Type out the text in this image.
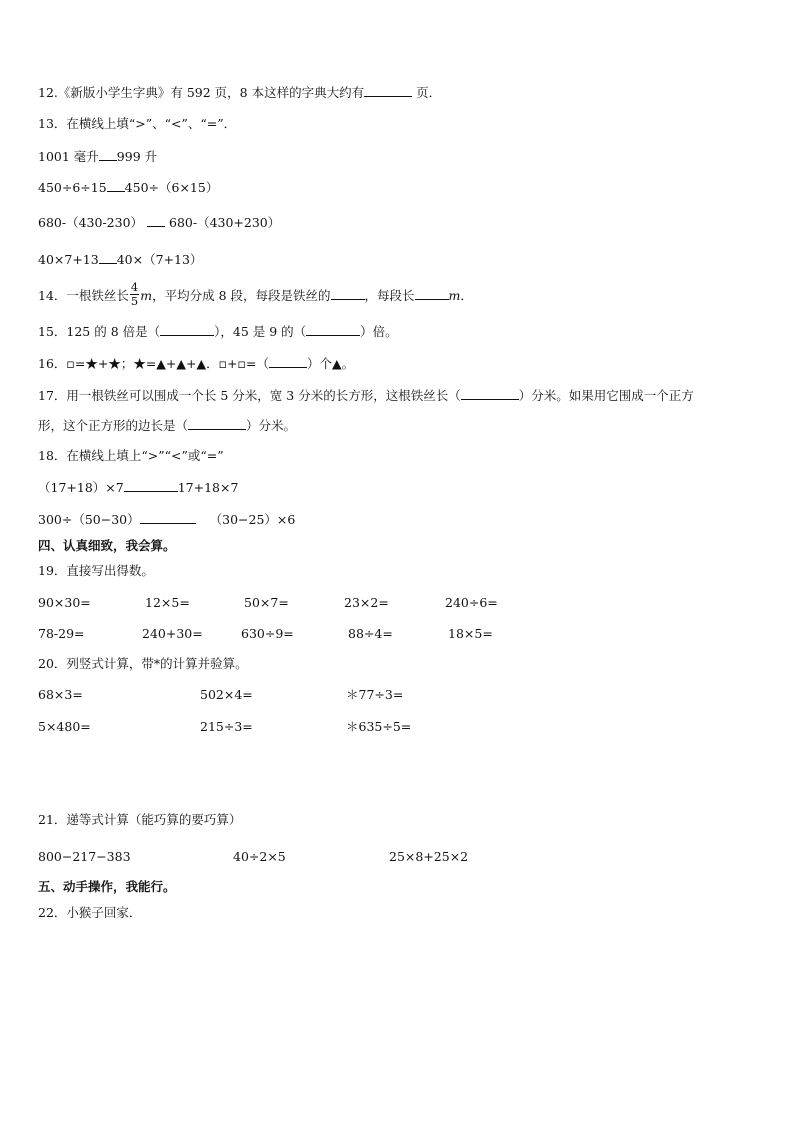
12.《新版小学生字典》有 592 页，8 本这样的字典大约有	页．
13．在横线上填“>”、“<”、“=”．
1001 毫升 999 升
450÷6÷15 450÷（6×15）
680-（430-230）  680-（430+230）
40×7+13 40×（7+13）
14．一根铁丝长 $\frac{4}{5}$ m，平均分成 8 段，每段是铁丝的	，每段长	m．
15．125 的 8 倍是（	），45 是 9 的（	）倍。
16．▫=★+★；★=▲+▲+▲．▫+▫=（	）个▲。
17．用一根铁丝可以围成一个长 5 分米，宽 3 分米的长方形，这根铁丝长（	）分米。如果用它围成一个正方
形，这个正方形的边长是（	）分米。
18．在横线上填上“>”“<”或“=”
（17+18）×7	17+18×7
300÷（50−30）	（30−25）×6
四、认真细致，我会算。
19．直接写出得数。
90×30=	12×5=	50×7=	23×2=	240÷6=
78-29=	240+30=	630÷9=	88÷4=	18×5=
20．列竖式计算，带*的计算并验算。
68×3=	502×4=	＊77÷3=
5×480=	215÷3=	＊635÷5=
21．递等式计算（能巧算的要巧算）
800−217−383	40÷2×5	25×8+25×2
五、动手操作，我能行。
22．小猴子回家．
